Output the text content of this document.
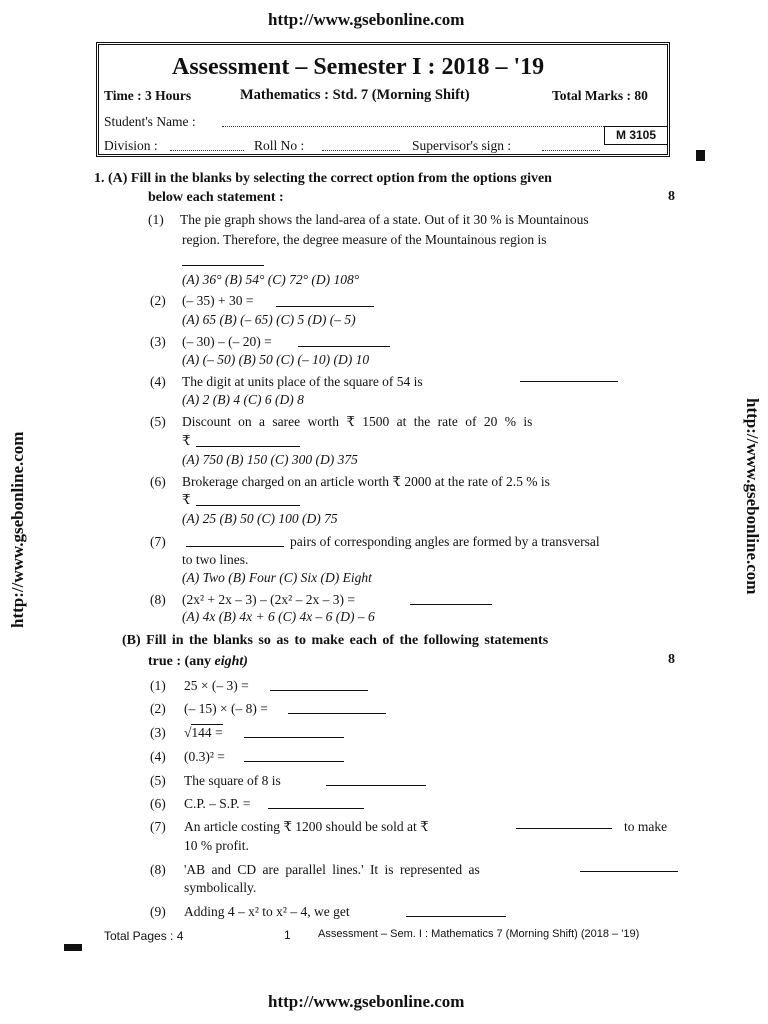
http://www.gsebonline.com
http://www.gsebonline.com	http://www.gsebonline.com
http://www.gsebonline.com
Assessment – Semester I : 2018 – '19
Time : 3 Hours	Mathematics : Std. 7 (Morning Shift)	Total Marks : 80
Student's Name :
Division :	Roll No :	Supervisor's sign :
M 3105
1. (A) Fill in the blanks by selecting the correct option from the options given
below each statement :	8
(1) The pie graph shows the land-area of a state. Out of it 30 % is Mountainous
region. Therefore, the degree measure of the Mountainous region is
(A) 36° (B) 54° (C) 72° (D) 108°
(2) (– 35) + 30 =
(A) 65 (B) (– 65) (C) 5 (D) (– 5)
(3) (– 30) – (– 20) =
(A) (– 50) (B) 50 (C) (– 10) (D) 10
(4) The digit at units place of the square of 54 is
(A) 2 (B) 4 (C) 6 (D) 8
(5) Discount on a saree worth ₹ 1500 at the rate of 20 % is
₹
(A) 750 (B) 150 (C) 300 (D) 375
(6) Brokerage charged on an article worth ₹ 2000 at the rate of 2.5 % is
₹
(A) 25 (B) 50 (C) 100 (D) 75
(7)	pairs of corresponding angles are formed by a transversal
to two lines.
(A) Two (B) Four (C) Six (D) Eight
(8) (2x² + 2x – 3) – (2x² – 2x – 3) =
(A) 4x (B) 4x + 6 (C) 4x – 6 (D) – 6
(B) Fill in the blanks so as to make each of the following statements
true : (any eight)	8
(1) 25 × (– 3) =
(2) (– 15) × (– 8) =
(3) √144 =
(4) (0.3)² =
(5) The square of 8 is
(6) C.P. – S.P. =
(7) An article costing ₹ 1200 should be sold at ₹	to make
10 % profit.
(8) 'AB and CD are parallel lines.' It is represented as
symbolically.
(9) Adding 4 – x² to x² – 4, we get
Total Pages : 4	1 Assessment – Sem. I : Mathematics 7 (Morning Shift) (2018 – '19)
